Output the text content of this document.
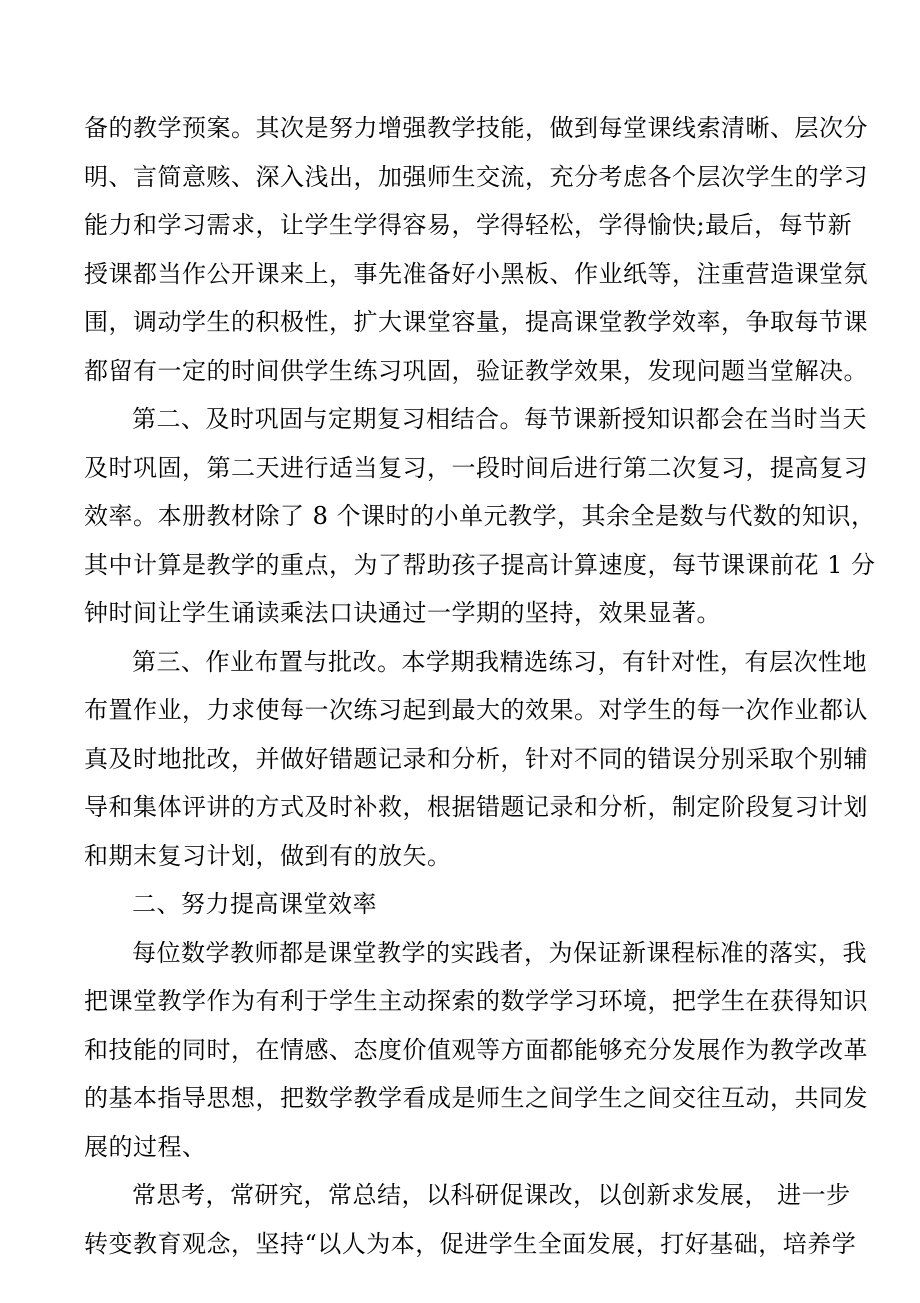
备的教学预案。其次是努力增强教学技能，做到每堂课线索清晰、层次分
明、言简意赅、深入浅出，加强师生交流，充分考虑各个层次学生的学习
能力和学习需求，让学生学得容易，学得轻松，学得愉快;最后，每节新
授课都当作公开课来上，事先准备好小黑板、作业纸等，注重营造课堂氛
围，调动学生的积极性，扩大课堂容量，提高课堂教学效率，争取每节课
都留有一定的时间供学生练习巩固，验证教学效果，发现问题当堂解决。
第二、及时巩固与定期复习相结合。每节课新授知识都会在当时当天
及时巩固，第二天进行适当复习，一段时间后进行第二次复习，提高复习
效率。本册教材除了 8 个课时的小单元教学，其余全是数与代数的知识，
其中计算是教学的重点，为了帮助孩子提高计算速度，每节课课前花 1 分
钟时间让学生诵读乘法口诀通过一学期的坚持，效果显著。
第三、作业布置与批改。本学期我精选练习，有针对性，有层次性地
布置作业，力求使每一次练习起到最大的效果。对学生的每一次作业都认
真及时地批改，并做好错题记录和分析，针对不同的错误分别采取个别辅
导和集体评讲的方式及时补救，根据错题记录和分析，制定阶段复习计划
和期末复习计划，做到有的放矢。
二、努力提高课堂效率
每位数学教师都是课堂教学的实践者，为保证新课程标准的落实，我
把课堂教学作为有利于学生主动探索的数学学习环境，把学生在获得知识
和技能的同时，在情感、态度价值观等方面都能够充分发展作为教学改革
的基本指导思想，把数学教学看成是师生之间学生之间交往互动，共同发
展的过程、
常思考，常研究，常总结，以科研促课改，以创新求发展， 进一步
转变教育观念，坚持“以人为本，促进学生全面发展，打好基础，培养学
